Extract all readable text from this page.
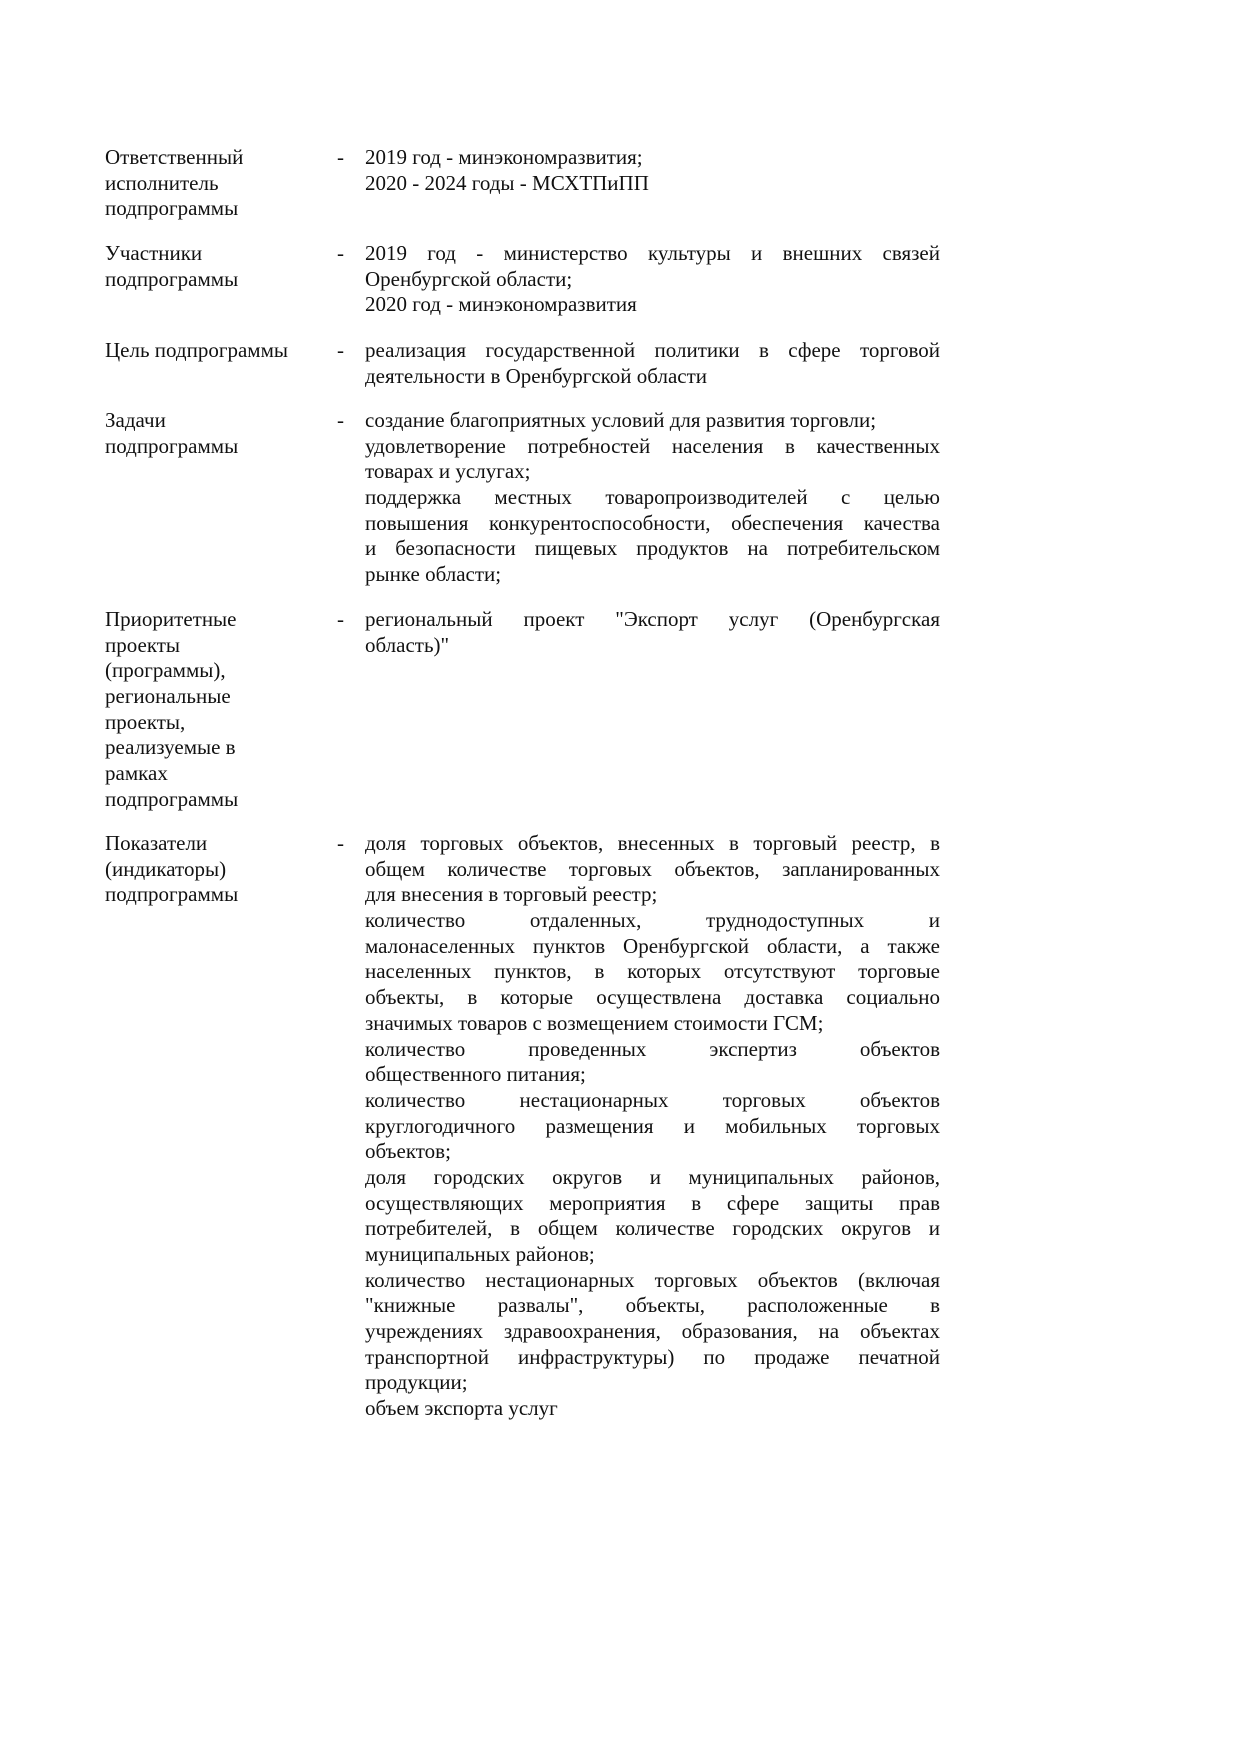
Ответственный
исполнитель
подпрограммы
- 2019 год - минэкономразвития;
2020 - 2024 годы - МСХТПиПП
Участники
подпрограммы
- 2019 год - министерство культуры и внешних связей
Оренбургской области;
2020 год - минэкономразвития
Цель подпрограммы	- реализация государственной политики в сфере торговой
деятельности в Оренбургской области
Задачи
подпрограммы
- создание благоприятных условий для развития торговли;
удовлетворение потребностей населения в качественных
товарах и услугах;
поддержка местных товаропроизводителей с целью
повышения конкурентоспособности, обеспечения качества
и безопасности пищевых продуктов на потребительском
рынке области;
Приоритетные
проекты
(программы),
региональные
проекты,
реализуемые в
рамках
подпрограммы
- региональный проект "Экспорт услуг (Оренбургская
область)"
Показатели
(индикаторы)
подпрограммы
- доля торговых объектов, внесенных в торговый реестр, в
общем количестве торговых объектов, запланированных
для внесения в торговый реестр;
количество отдаленных, труднодоступных и
малонаселенных пунктов Оренбургской области, а также
населенных пунктов, в которых отсутствуют торговые
объекты, в которые осуществлена доставка социально
значимых товаров с возмещением стоимости ГСМ;
количество проведенных экспертиз объектов
общественного питания;
количество нестационарных торговых объектов
круглогодичного размещения и мобильных торговых
объектов;
доля городских округов и муниципальных районов,
осуществляющих мероприятия в сфере защиты прав
потребителей, в общем количестве городских округов и
муниципальных районов;
количество нестационарных торговых объектов (включая
"книжные развалы", объекты, расположенные в
учреждениях здравоохранения, образования, на объектах
транспортной инфраструктуры) по продаже печатной
продукции;
объем экспорта услуг
